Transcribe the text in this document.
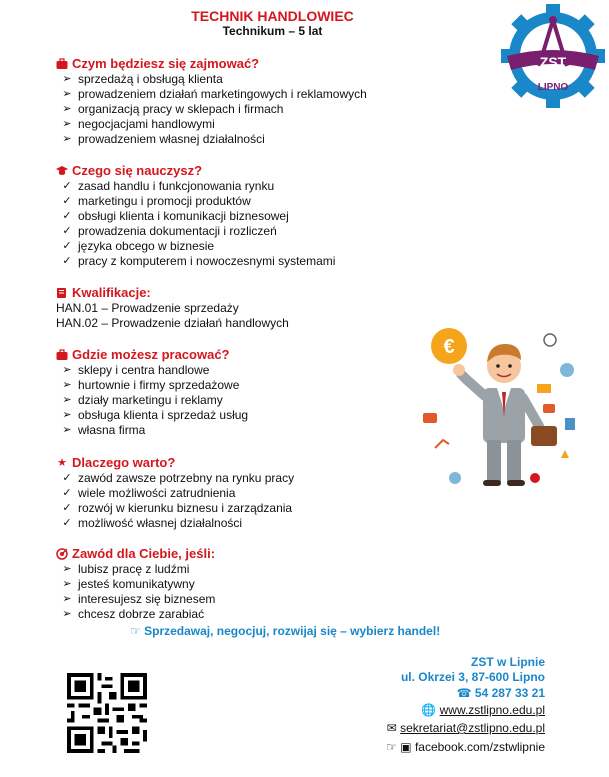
TECHNIK HANDLOWIEC
Technikum – 5 lat
ZST
LIPNO
Czym będziesz się zajmować?
➢ sprzedażą i obsługą klienta
➢ prowadzeniem działań marketingowych i reklamowych
➢ organizacją pracy w sklepach i firmach
➢ negocjacjami handlowymi
➢ prowadzeniem własnej działalności
Czego się nauczysz?
✓ zasad handlu i funkcjonowania rynku
✓ marketingu i promocji produktów
✓ obsługi klienta i komunikacji biznesowej
✓ prowadzenia dokumentacji i rozliczeń
✓ języka obcego w biznesie
✓ pracy z komputerem i nowoczesnymi systemami
Kwalifikacje:
HAN.01 – Prowadzenie sprzedaży
HAN.02 – Prowadzenie działań handlowych
Gdzie możesz pracować?
➢ sklepy i centra handlowe
➢ hurtownie i firmy sprzedażowe
➢ działy marketingu i reklamy
➢ obsługa klienta i sprzedaż usług
➢ własna firma
★ Dlaczego warto?
✓ zawód zawsze potrzebny na rynku pracy
✓ wiele możliwości zatrudnienia
✓ rozwój w kierunku biznesu i zarządzania
✓ możliwość własnej działalności
Zawód dla Ciebie, jeśli:
➢ lubisz pracę z ludźmi
➢ jesteś komunikatywny
➢ interesujesz się biznesem
➢ chcesz dobrze zarabiać
☞ Sprzedawaj, negocjuj, rozwijaj się – wybierz handel!
€
ZST w Lipnie
ul. Okrzei 3, 87-600 Lipno
☎ 54 287 33 21
🌐 www.zstlipno.edu.pl
✉ sekretariat@zstlipno.edu.pl
☞ ▣ facebook.com/zstwlipnie
